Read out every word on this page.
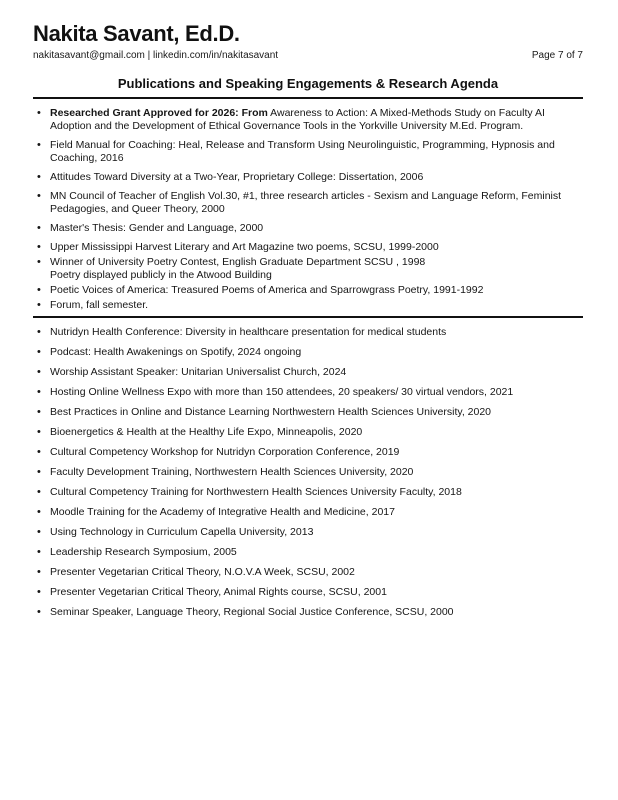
Nakita Savant, Ed.D.
nakitasavant@gmail.com | linkedin.com/in/nakitasavant	Page 7 of 7
Publications and Speaking Engagements & Research Agenda
• Researched Grant Approved for 2026: From Awareness to Action: A Mixed-Methods Study on Faculty AI Adoption and the Development of Ethical Governance Tools in the Yorkville University M.Ed. Program.
• Field Manual for Coaching: Heal, Release and Transform Using Neurolinguistic, Programming, Hypnosis and Coaching, 2016
• Attitudes Toward Diversity at a Two-Year, Proprietary College: Dissertation, 2006
• MN Council of Teacher of English Vol.30, #1, three research articles - Sexism and Language Reform, Feminist Pedagogies, and Queer Theory, 2000
• Master's Thesis: Gender and Language, 2000
• Upper Mississippi Harvest Literary and Art Magazine two poems, SCSU, 1999-2000
• Winner of University Poetry Contest, English Graduate Department SCSU , 1998
Poetry displayed publicly in the Atwood Building
• Poetic Voices of America: Treasured Poems of America and Sparrowgrass Poetry, 1991-1992
• Forum, fall semester.
• Nutridyn Health Conference: Diversity in healthcare presentation for medical students
• Podcast: Health Awakenings on Spotify, 2024 ongoing
• Worship Assistant Speaker: Unitarian Universalist Church, 2024
• Hosting Online Wellness Expo with more than 150 attendees, 20 speakers/ 30 virtual vendors, 2021
• Best Practices in Online and Distance Learning Northwestern Health Sciences University, 2020
• Bioenergetics & Health at the Healthy Life Expo, Minneapolis, 2020
• Cultural Competency Workshop for Nutridyn Corporation Conference, 2019
• Faculty Development Training, Northwestern Health Sciences University, 2020
• Cultural Competency Training for Northwestern Health Sciences University Faculty, 2018
• Moodle Training for the Academy of Integrative Health and Medicine, 2017
• Using Technology in Curriculum Capella University, 2013
• Leadership Research Symposium, 2005
• Presenter Vegetarian Critical Theory, N.O.V.A Week, SCSU, 2002
• Presenter Vegetarian Critical Theory, Animal Rights course, SCSU, 2001
• Seminar Speaker, Language Theory, Regional Social Justice Conference, SCSU, 2000
